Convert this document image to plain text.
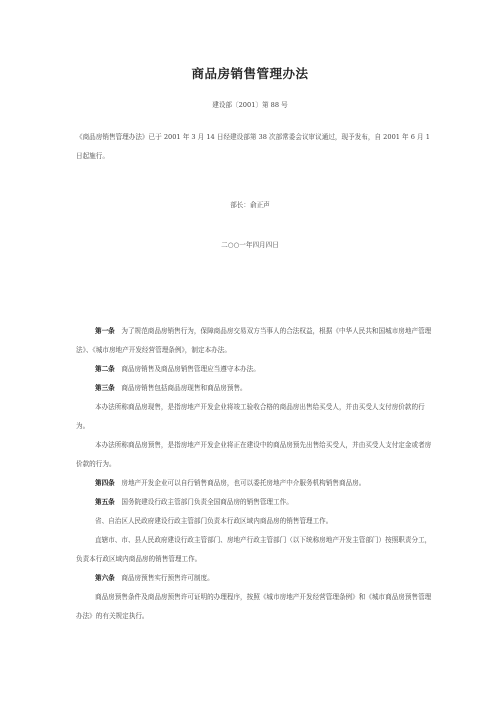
商品房销售管理办法
建设部〔2001〕第 88 号
《商品房销售管理办法》已于 2001 年 3 月 14 日经建设部第 38 次部常委会议审议通过，现予发布，自 2001 年 6 月 1 日起施行。
部长：俞正声
二○○一年四月四日

第一条　 为了规范商品房销售行为，保障商品房交易双方当事人的合法权益，根据《中华人民共和国城市房地产管理法》、《城市房地产开发经营管理条例》，制定本办法。

第二条　 商品房销售及商品房销售管理应当遵守本办法。

第三条　 商品房销售包括商品房现售和商品房预售。

本办法所称商品房现售，是指房地产开发企业将竣工验收合格的商品房出售给买受人，并由买受人支付房价款的行为。

本办法所称商品房预售，是指房地产开发企业将正在建设中的商品房预先出售给买受人，并由买受人支付定金或者房价款的行为。

第四条　 房地产开发企业可以自行销售商品房，也可以委托房地产中介服务机构销售商品房。

第五条　 国务院建设行政主管部门负责全国商品房的销售管理工作。

省、自治区人民政府建设行政主管部门负责本行政区域内商品房的销售管理工作。

直辖市、市、县人民政府建设行政主管部门、房地产行政主管部门（以下统称房地产开发主管部门）按照职责分工，负责本行政区域内商品房的销售管理工作。

第六条　 商品房预售实行预售许可制度。

商品房预售条件及商品房预售许可证明的办理程序，按照《城市房地产开发经营管理条例》和《城市商品房预售管理办法》的有关规定执行。
